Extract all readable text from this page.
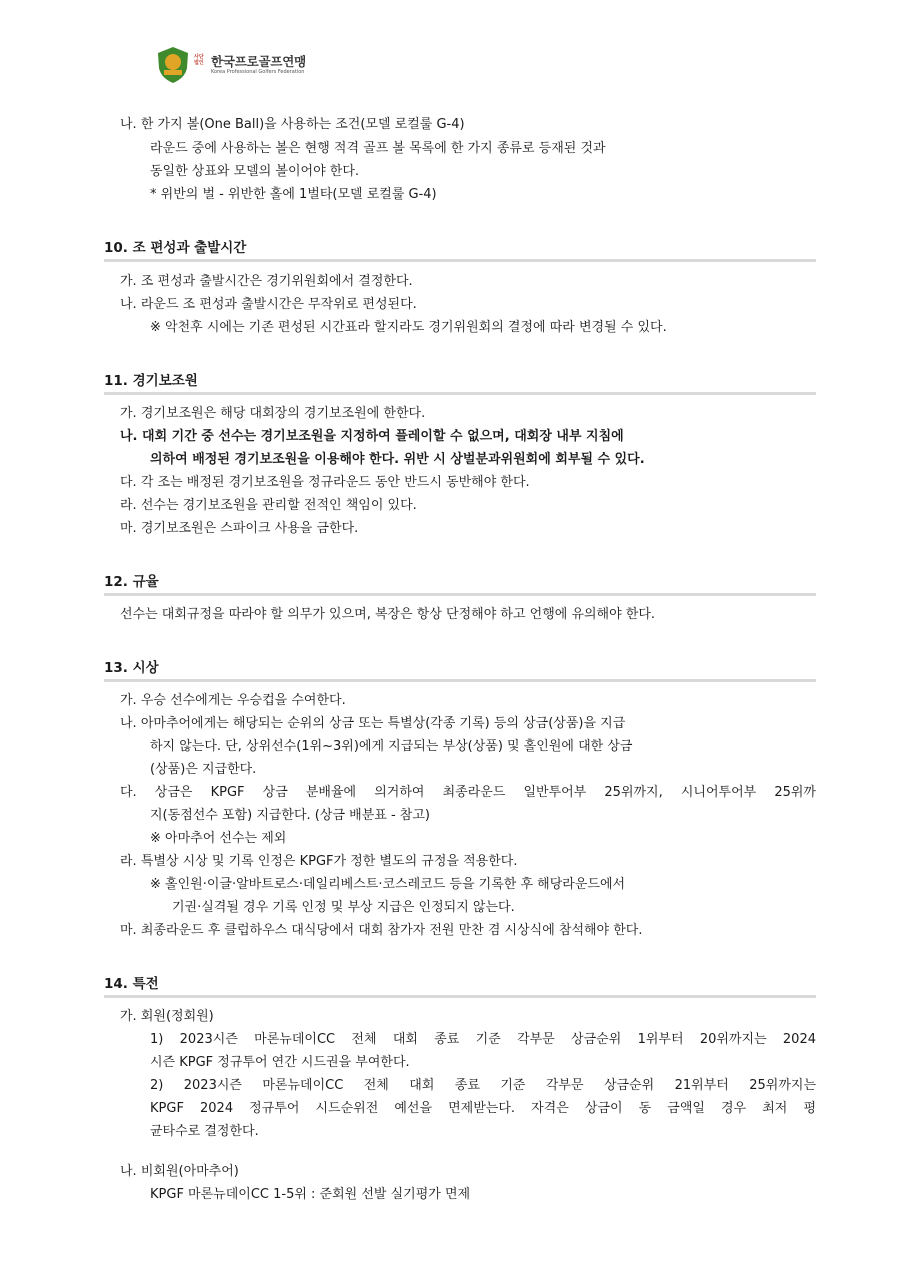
사단 법인 한국프로골프연맹
Korea Professional Golfers Federation
나. 한 가지 볼(One Ball)을 사용하는 조건(모델 로컬룰 G-4)
라운드 중에 사용하는 볼은 현행 적격 골프 볼 목록에 한 가지 종류로 등재된 것과
동일한 상표와 모델의 볼이어야 한다.
* 위반의 벌 - 위반한 홀에 1벌타(모델 로컬룰 G-4)
10. 조 편성과 출발시간
가. 조 편성과 출발시간은 경기위원회에서 결정한다.
나. 라운드 조 편성과 출발시간은 무작위로 편성된다.
※ 악천후 시에는 기존 편성된 시간표라 할지라도 경기위원회의 결정에 따라 변경될 수 있다.
11. 경기보조원
가. 경기보조원은 해당 대회장의 경기보조원에 한한다.
나. 대회 기간 중 선수는 경기보조원을 지정하여 플레이할 수 없으며, 대회장 내부 지침에
의하여 배정된 경기보조원을 이용해야 한다. 위반 시 상벌분과위원회에 회부될 수 있다.
다. 각 조는 배정된 경기보조원을 정규라운드 동안 반드시 동반해야 한다.
라. 선수는 경기보조원을 관리할 전적인 책임이 있다.
마. 경기보조원은 스파이크 사용을 금한다.
12. 규율
선수는 대회규정을 따라야 할 의무가 있으며, 복장은 항상 단정해야 하고 언행에 유의해야 한다.
13. 시상
가. 우승 선수에게는 우승컵을 수여한다.
나. 아마추어에게는 해당되는 순위의 상금 또는 특별상(각종 기록) 등의 상금(상품)을 지급
하지 않는다. 단, 상위선수(1위~3위)에게 지급되는 부상(상품) 및 홀인원에 대한 상금
(상품)은 지급한다.
다. 상금은 KPGF 상금 분배율에 의거하여 최종라운드 일반투어부 25위까지, 시니어투어부 25위까
지(동점선수 포함) 지급한다. (상금 배분표 - 참고)
※ 아마추어 선수는 제외
라. 특별상 시상 및 기록 인정은 KPGF가 정한 별도의 규정을 적용한다.
※ 홀인원·이글·알바트로스·데일리베스트·코스레코드 등을 기록한 후 해당라운드에서
기권·실격될 경우 기록 인정 및 부상 지급은 인정되지 않는다.
마. 최종라운드 후 클럽하우스 대식당에서 대회 참가자 전원 만찬 겸 시상식에 참석해야 한다.
14. 특전
가. 회원(정회원)
1) 2023시즌 마론뉴데이CC 전체 대회 종료 기준 각부문 상금순위 1위부터 20위까지는 2024
시즌 KPGF 정규투어 연간 시드권을 부여한다.
2) 2023시즌 마론뉴데이CC 전체 대회 종료 기준 각부문 상금순위 21위부터 25위까지는
KPGF 2024 정규투어 시드순위전 예선을 면제받는다. 자격은 상금이 동 금액일 경우 최저 평
균타수로 결정한다.
나. 비회원(아마추어)
KPGF 마론뉴데이CC 1-5위 : 준회원 선발 실기평가 면제
